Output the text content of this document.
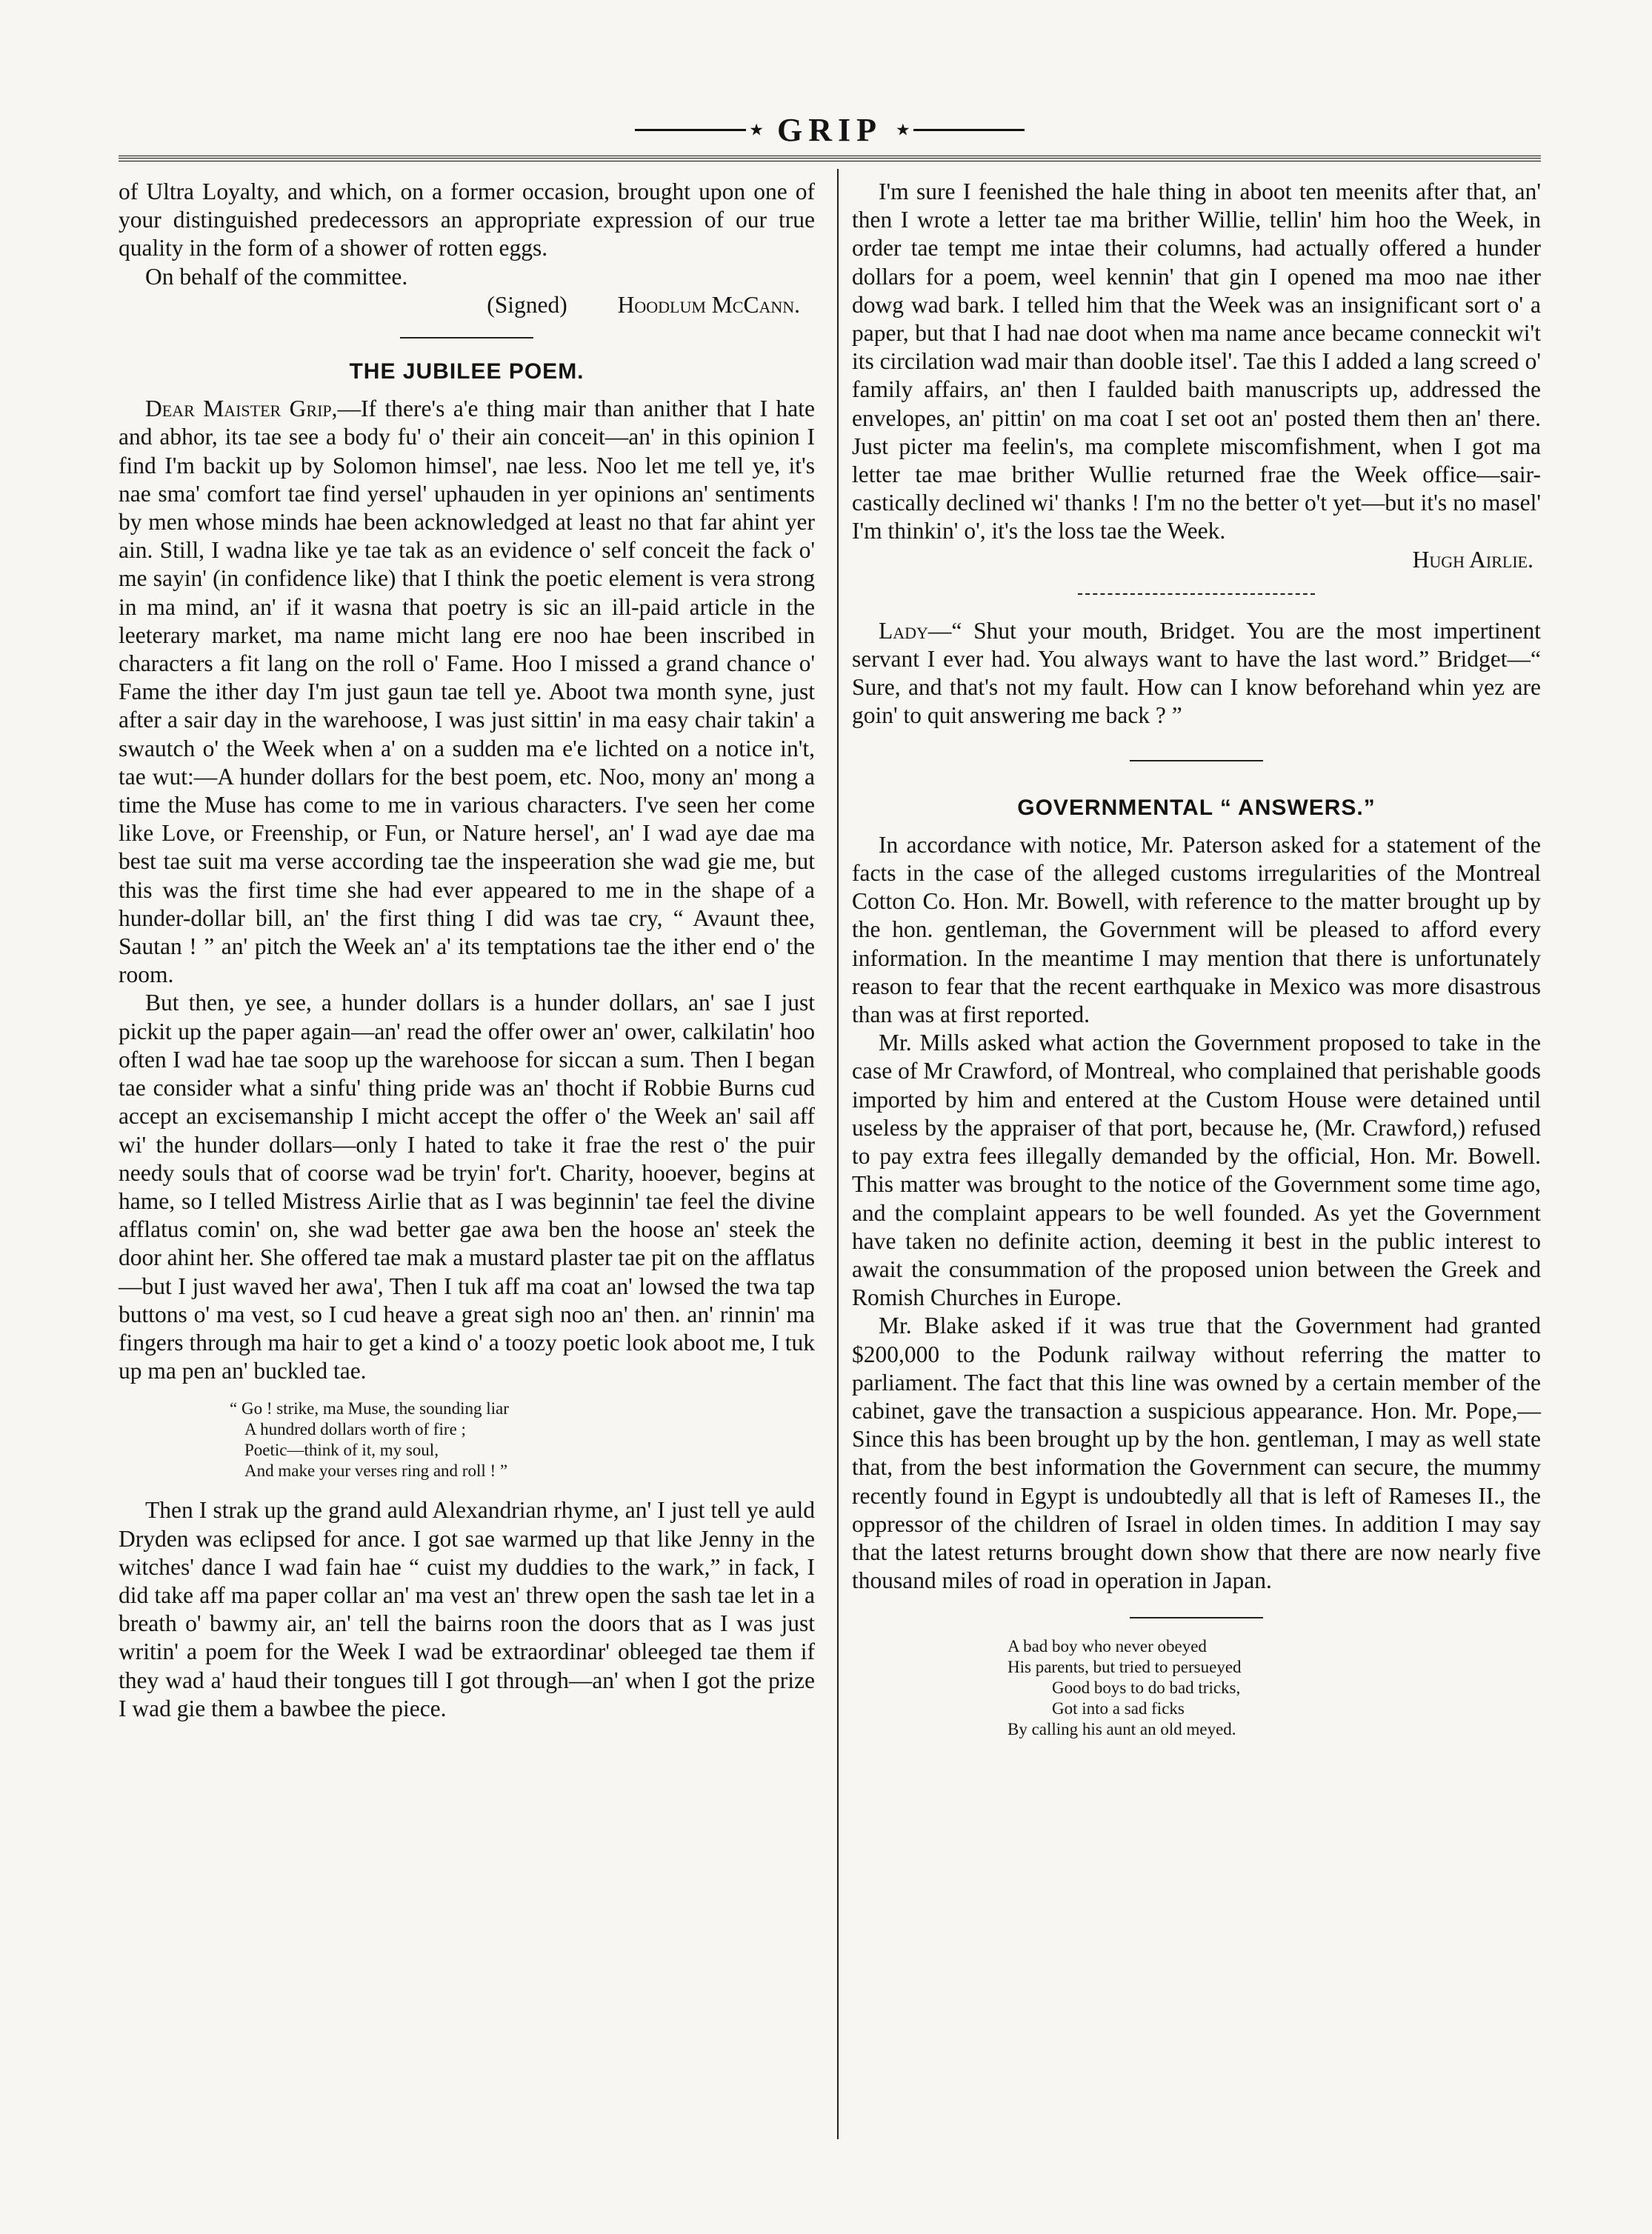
★ GRIP ★

of Ultra Loyalty, and which, on a former occasion, brought upon one of your distinguished predecessors an appropriate expression of our true quality in the form of a shower of rotten eggs.

On behalf of the committee.

(Signed) Hoodlum McCann.
THE JUBILEE POEM.

Dear Maister Grip,—If there's a'e thing mair than anither that I hate and abhor, its tae see a body fu' o' their ain conceit—an' in this opinion I find I'm backit up by Solomon himsel', nae less. Noo let me tell ye, it's nae sma' comfort tae find yersel' uphauden in yer opinions an' sentiments by men whose minds hae been acknowledged at least no that far ahint yer ain. Still, I wadna like ye tae tak as an evidence o' self conceit the fack o' me sayin' (in confidence like) that I think the poetic element is vera strong in ma mind, an' if it wasna that poetry is sic an ill-paid article in the leeterary market, ma name micht lang ere noo hae been inscribed in characters a fit lang on the roll o' Fame. Hoo I missed a grand chance o' Fame the ither day I'm just gaun tae tell ye. Aboot twa month syne, just after a sair day in the warehoose, I was just sittin' in ma easy chair takin' a swautch o' the Week when a' on a sudden ma e'e lichted on a notice in't, tae wut:—A hunder dollars for the best poem, etc. Noo, mony an' mong a time the Muse has come to me in various characters. I've seen her come like Love, or Freenship, or Fun, or Nature hersel', an' I wad aye dae ma best tae suit ma verse according tae the inspeeration she wad gie me, but this was the first time she had ever appeared to me in the shape of a hunder-dollar bill, an' the first thing I did was tae cry, “ Avaunt thee, Sautan ! ” an' pitch the Week an' a' its temptations tae the ither end o' the room.

But then, ye see, a hunder dollars is a hunder dollars, an' sae I just pickit up the paper again—an' read the offer ower an' ower, calkilatin' hoo often I wad hae tae soop up the warehoose for siccan a sum. Then I began tae consider what a sinfu' thing pride was an' thocht if Robbie Burns cud accept an excisemanship I micht accept the offer o' the Week an' sail aff wi' the hunder dollars—only I hated to take it frae the rest o' the puir needy souls that of coorse wad be tryin' for't. Charity, hooever, begins at hame, so I telled Mistress Airlie that as I was beginnin' tae feel the divine afflatus comin' on, she wad better gae awa ben the hoose an' steek the door ahint her. She offered tae mak a mustard plaster tae pit on the afflatus—but I just waved her awa', Then I tuk aff ma coat an' lowsed the twa tap buttons o' ma vest, so I cud heave a great sigh noo an' then. an' rinnin' ma fingers through ma hair to get a kind o' a toozy poetic look aboot me, I tuk up ma pen an' buckled tae.

“ Go ! strike, ma Muse, the sounding liar
A hundred dollars worth of fire ;
Poetic—think of it, my soul,
And make your verses ring and roll ! ”

Then I strak up the grand auld Alexandrian rhyme, an' I just tell ye auld Dryden was eclipsed for ance. I got sae warmed up that like Jenny in the witches' dance I wad fain hae “ cuist my duddies to the wark,” in fack, I did take aff ma paper collar an' ma vest an' threw open the sash tae let in a breath o' bawmy air, an' tell the bairns roon the doors that as I was just writin' a poem for the Week I wad be extraordinar' obleeged tae them if they wad a' haud their tongues till I got through—an' when I got the prize I wad gie them a bawbee the piece.

I'm sure I feenished the hale thing in aboot ten meenits after that, an' then I wrote a letter tae ma brither Willie, tellin' him hoo the Week, in order tae tempt me intae their columns, had actually offered a hunder dollars for a poem, weel kennin' that gin I opened ma moo nae ither dowg wad bark. I telled him that the Week was an insignificant sort o' a paper, but that I had nae doot when ma name ance became conneckit wi't its circilation wad mair than dooble itsel'. Tae this I added a lang screed o' family affairs, an' then I faulded baith manuscripts up, addressed the envelopes, an' pittin' on ma coat I set oot an' posted them then an' there. Just picter ma feelin's, ma complete miscomfishment, when I got ma letter tae mae brither Wullie returned frae the Week office—sair-castically declined wi' thanks ! I'm no the better o't yet—but it's no masel' I'm thinkin' o', it's the loss tae the Week.

Hugh Airlie.

Lady—“ Shut your mouth, Bridget. You are the most impertinent servant I ever had. You always want to have the last word.” Bridget—“ Sure, and that's not my fault. How can I know beforehand whin yez are goin' to quit answering me back ? ”

GOVERNMENTAL “ ANSWERS.”

In accordance with notice, Mr. Paterson asked for a statement of the facts in the case of the alleged customs irregularities of the Montreal Cotton Co. Hon. Mr. Bowell, with reference to the matter brought up by the hon. gentleman, the Government will be pleased to afford every information. In the meantime I may mention that there is unfortunately reason to fear that the recent earthquake in Mexico was more disastrous than was at first reported.

Mr. Mills asked what action the Government proposed to take in the case of Mr Crawford, of Montreal, who complained that perishable goods imported by him and entered at the Custom House were detained until useless by the appraiser of that port, because he, (Mr. Crawford,) refused to pay extra fees illegally demanded by the official, Hon. Mr. Bowell. This matter was brought to the notice of the Government some time ago, and the complaint appears to be well founded. As yet the Government have taken no definite action, deeming it best in the public interest to await the consummation of the proposed union between the Greek and Romish Churches in Europe.

Mr. Blake asked if it was true that the Government had granted $200,000 to the Podunk railway without referring the matter to parliament. The fact that this line was owned by a certain member of the cabinet, gave the transaction a suspicious appearance. Hon. Mr. Pope,—Since this has been brought up by the hon. gentleman, I may as well state that, from the best information the Government can secure, the mummy recently found in Egypt is undoubtedly all that is left of Rameses II., the oppressor of the children of Israel in olden times. In addition I may say that the latest returns brought down show that there are now nearly five thousand miles of road in operation in Japan.

A bad boy who never obeyed
His parents, but tried to persueyed
Good boys to do bad tricks,
Got into a sad ficks
By calling his aunt an old meyed.
